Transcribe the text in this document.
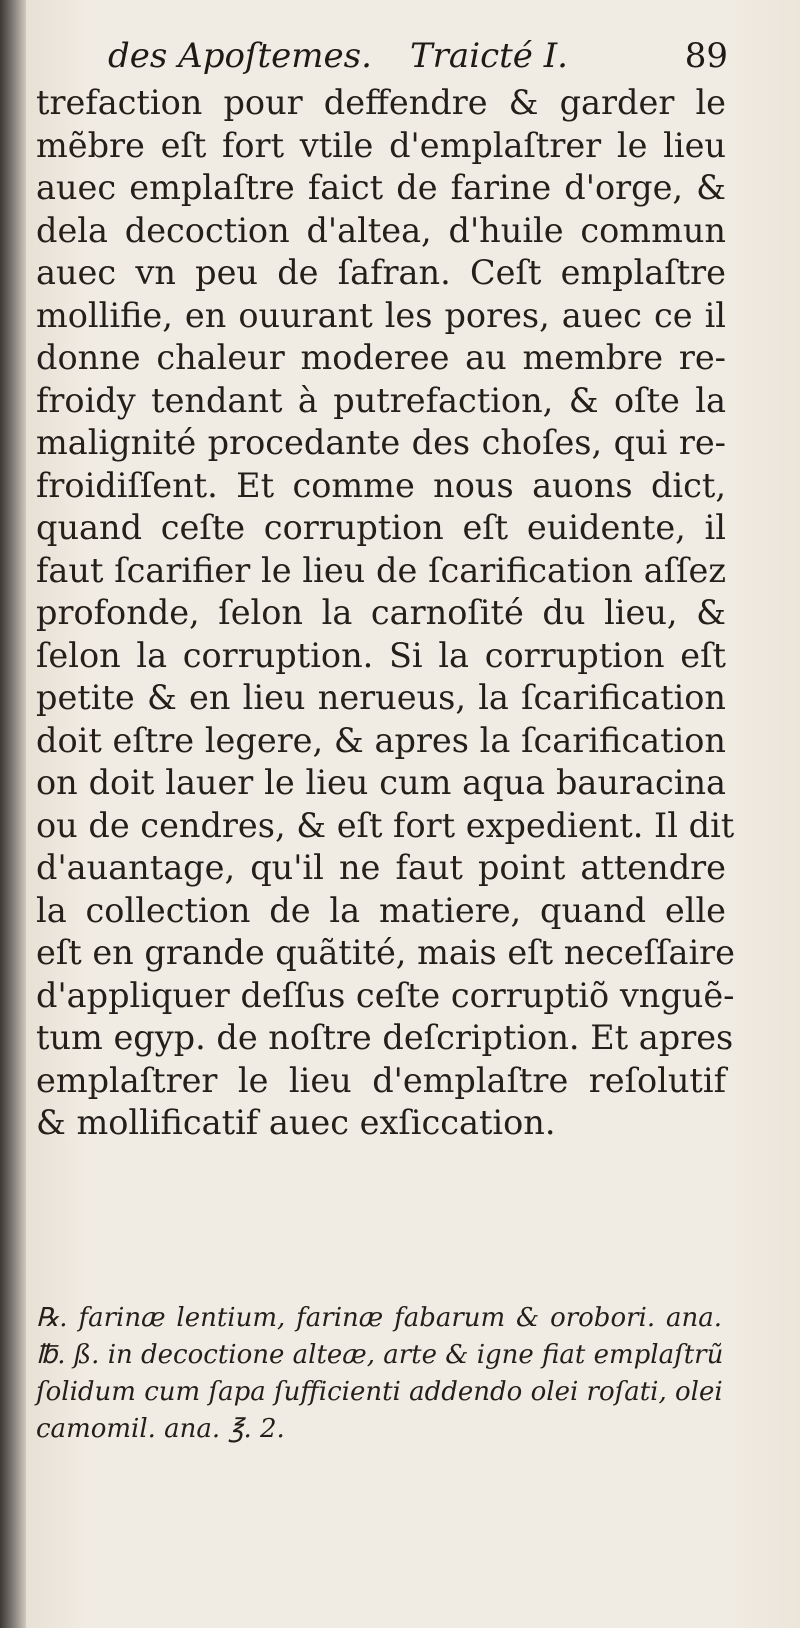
des Apoſtemes. Traicté I.	89
trefaction pour deffendre & garder le
mẽbre eſt fort vtile d'emplaſtrer le lieu
auec emplaſtre faict de farine d'orge, &
dela decoction d'altea, d'huile commun
auec vn peu de ſafran. Ceſt emplaſtre
mollifie, en ouurant les pores, auec ce il
donne chaleur moderee au membre re-
froidy tendant à putrefaction, & oſte la
malignité procedante des choſes, qui re-
froidiſſent. Et comme nous auons dict,
quand ceſte corruption eſt euidente, il
faut ſcarifier le lieu de ſcarification aſſez
profonde, ſelon la carnoſité du lieu, &
ſelon la corruption. Si la corruption eſt
petite & en lieu nerueus, la ſcarification
doit eſtre legere, & apres la ſcarification
on doit lauer le lieu cum aqua bauracina
ou de cendres, & eſt fort expedient. Il dit
d'auantage, qu'il ne faut point attendre
la collection de la matiere, quand elle
eſt en grande quãtité, mais eſt neceſſaire
d'appliquer deſſus ceſte corruptiõ vnguẽ-
tum egyp. de noſtre deſcription. Et apres
emplaſtrer le lieu d'emplaſtre reſolutif
& mollificatif auec exſiccation.
℞. farinæ lentium, farinæ fabarum & orobori. ana.
℔. ß. in decoctione alteæ, arte & igne fiat emplaſtrũ
ſolidum cum ſapa ſufficienti addendo olei roſati, olei
camomil. ana. ℥. 2.
